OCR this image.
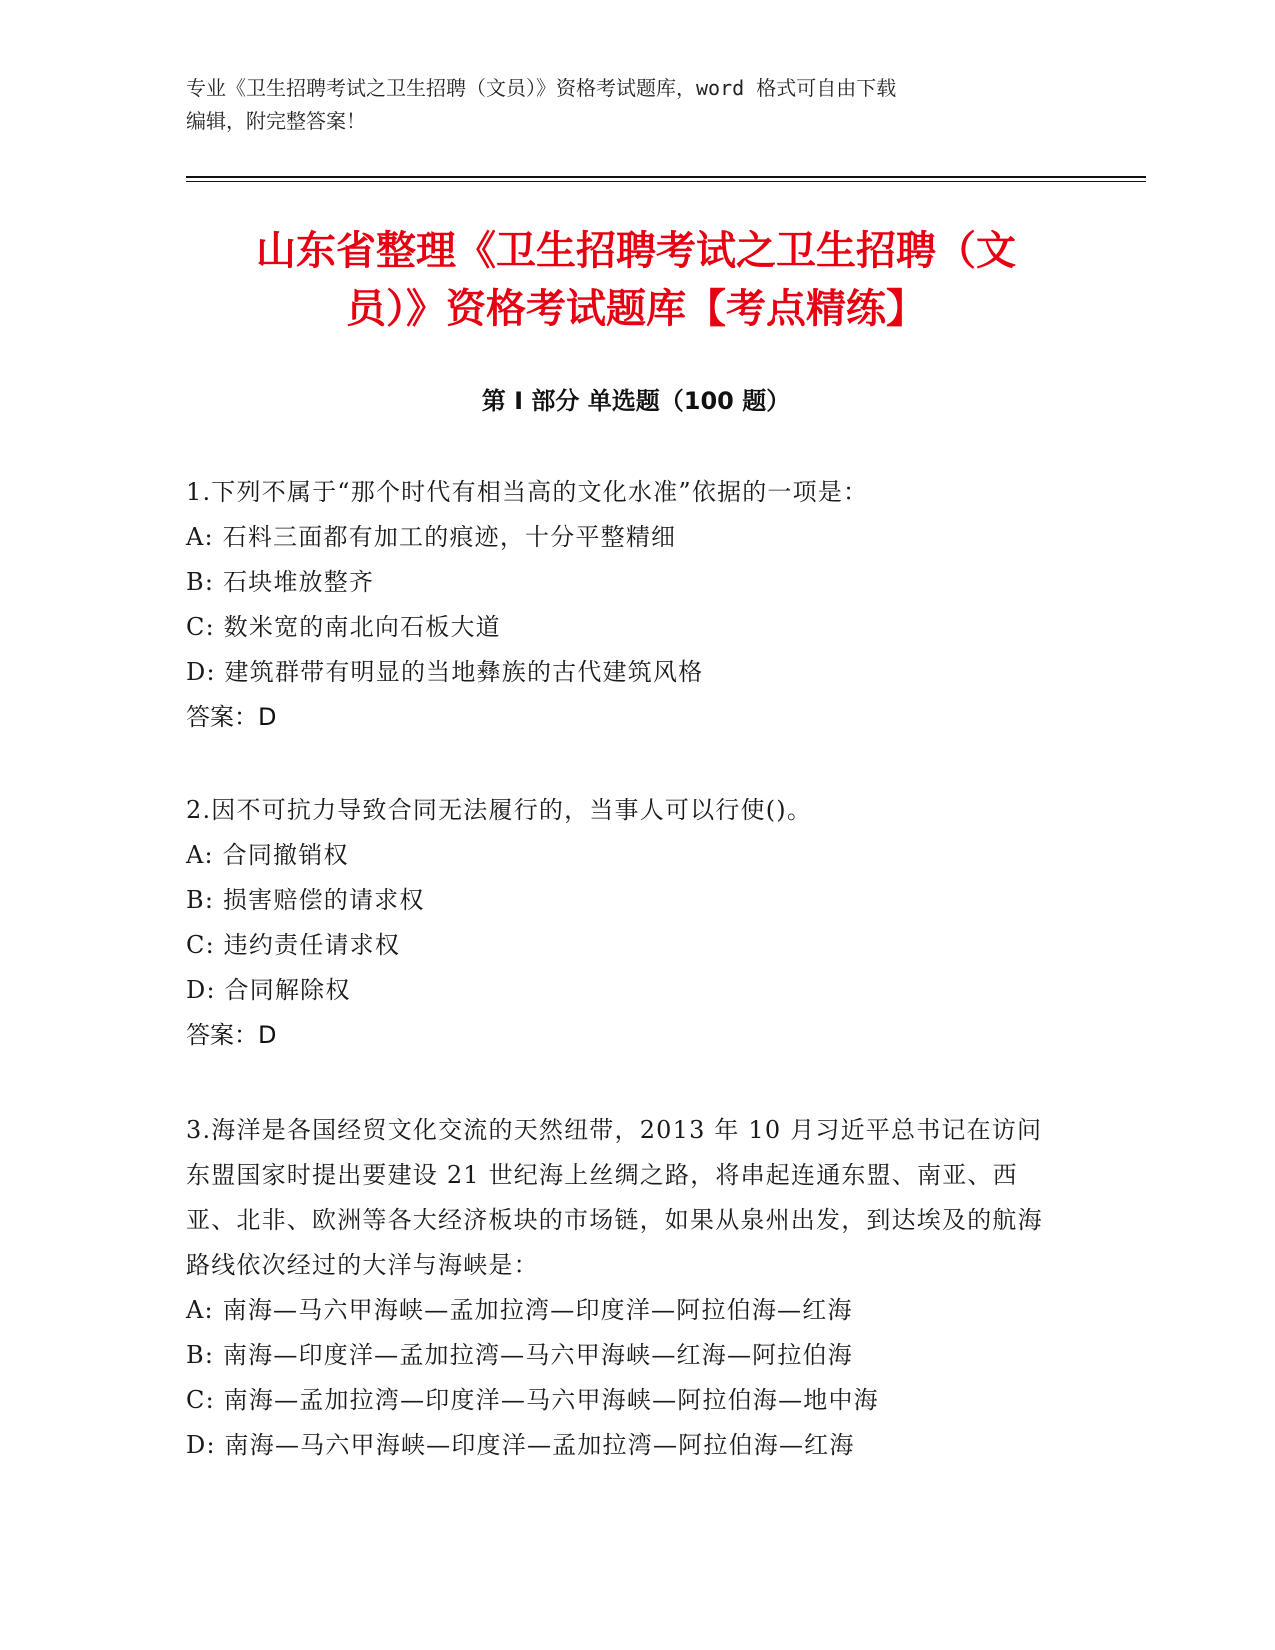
专业《卫生招聘考试之卫生招聘（文员）》资格考试题库，word 格式可自由下载
编辑，附完整答案！
山东省整理《卫生招聘考试之卫生招聘（文
员）》资格考试题库【考点精练】
第 I 部分 单选题（100 题）
1.下列不属于“那个时代有相当高的文化水准”依据的一项是：
A: 石料三面都有加工的痕迹，十分平整精细
B: 石块堆放整齐
C: 数米宽的南北向石板大道
D: 建筑群带有明显的当地彝族的古代建筑风格
答案：D
2.因不可抗力导致合同无法履行的，当事人可以行使()。
A: 合同撤销权
B: 损害赔偿的请求权
C: 违约责任请求权
D: 合同解除权
答案：D
3.海洋是各国经贸文化交流的天然纽带，2013 年 10 月习近平总书记在访问东盟国家时提出要建设 21 世纪海上丝绸之路，将串起连通东盟、南亚、西亚、北非、欧洲等各大经济板块的市场链，如果从泉州出发，到达埃及的航海路线依次经过的大洋与海峡是：
A: 南海—马六甲海峡—孟加拉湾—印度洋—阿拉伯海—红海
B: 南海—印度洋—孟加拉湾—马六甲海峡—红海—阿拉伯海
C: 南海—孟加拉湾—印度洋—马六甲海峡—阿拉伯海—地中海
D: 南海—马六甲海峡—印度洋—孟加拉湾—阿拉伯海—红海
